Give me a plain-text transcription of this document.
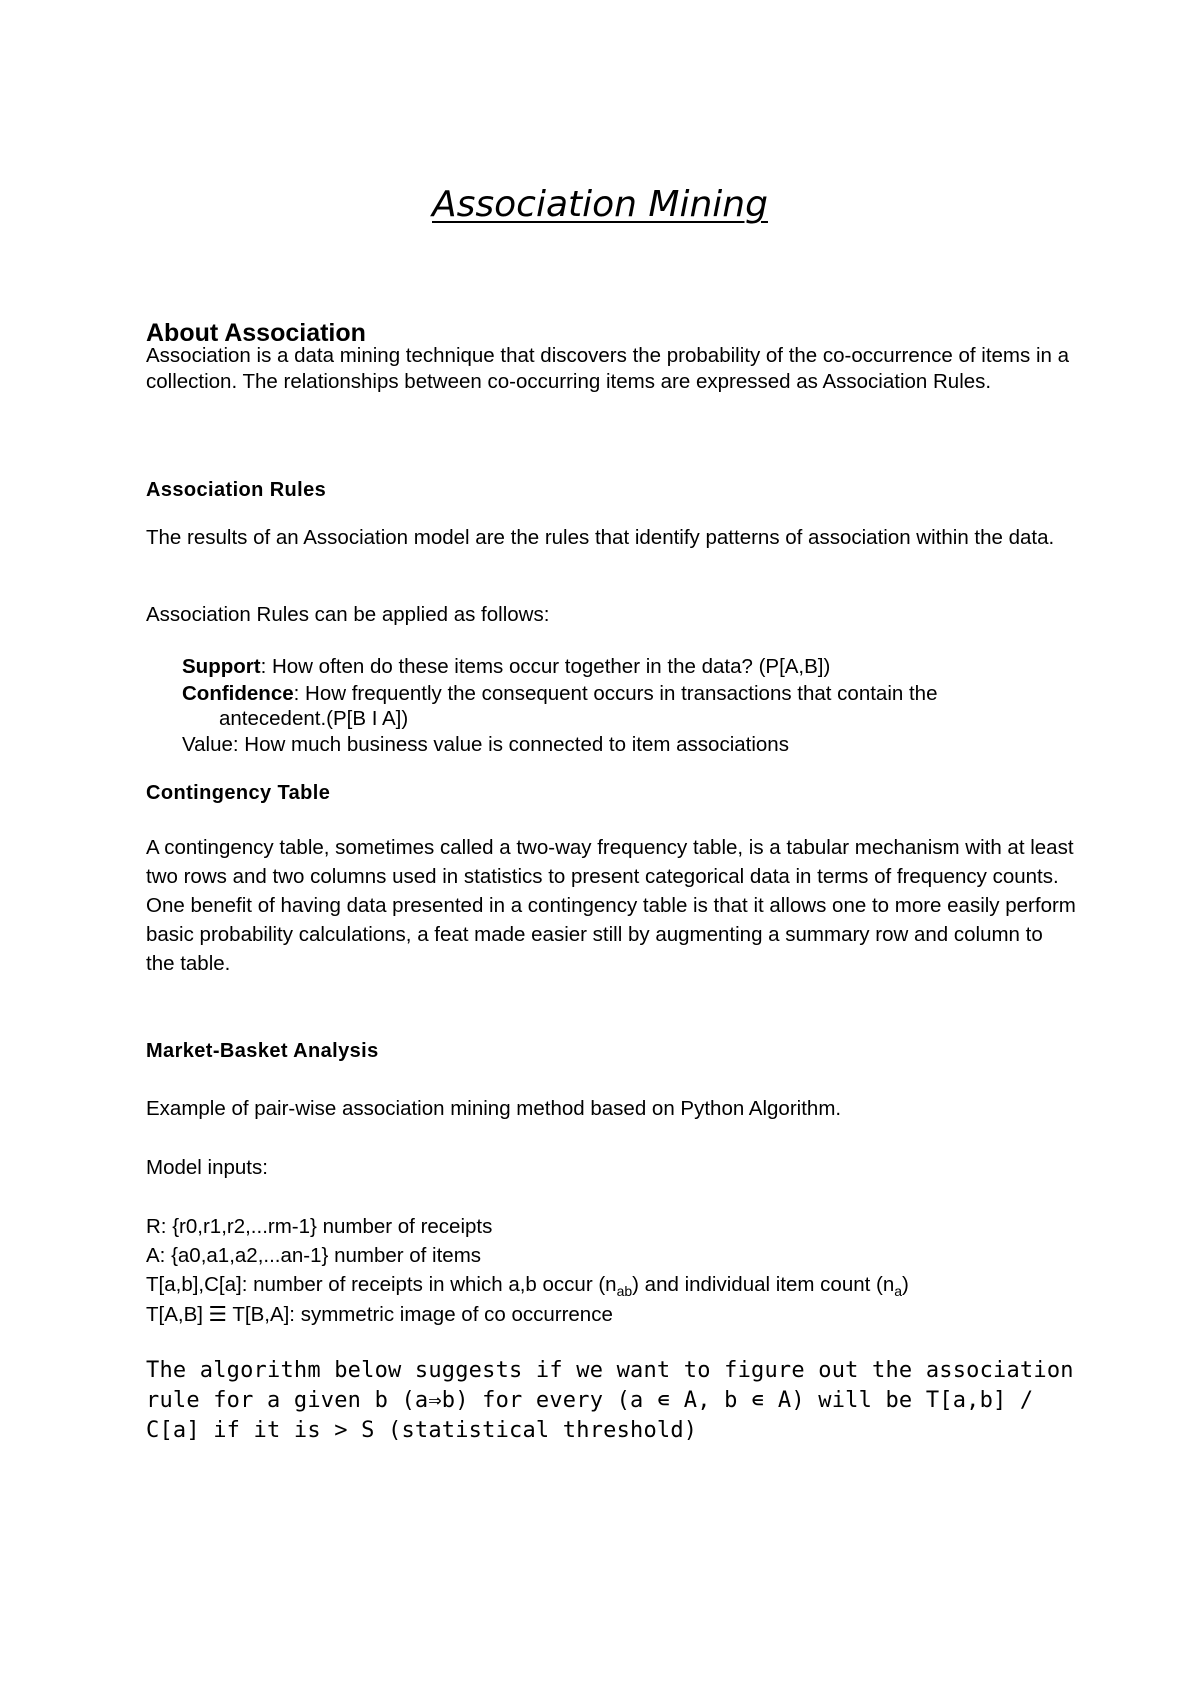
Association Mining
About Association

Association is a data mining technique that discovers the probability of the co-occurrence of items in a collection. The relationships between co-occurring items are expressed as Association Rules.

Association Rules

The results of an Association model are the rules that identify patterns of association within the data.

Association Rules can be applied as follows:
Support: How often do these items occur together in the data? (P[A,B])
Confidence: How frequently the consequent occurs in transactions that contain the
antecedent.(P[B I A])
Value: How much business value is connected to item associations
Contingency Table

A contingency table, sometimes called a two-way frequency table, is a tabular mechanism with at least two rows and two columns used in statistics to present categorical data in terms of frequency counts.

One benefit of having data presented in a contingency table is that it allows one to more easily perform basic probability calculations, a feat made easier still by augmenting a summary row and column to the table.

Market-Basket Analysis
Example of pair-wise association mining method based on Python Algorithm.
Model inputs:
R: {r0,r1,r2,...rm-1} number of receipts
A: {a0,a1,a2,...an-1} number of items
T[a,b],C[a]: number of receipts in which a,b occur $(n_{ab})$ and individual item count $(n_a)$
T[A,B] ☰ T[B,A]: symmetric image of co occurrence
The algorithm below suggests if we want to figure out the association rule for a given b (a⇒b) for every (a ∊ A, b ∊ A) will be T[a,b] / C[a] if it is > S (statistical threshold)
